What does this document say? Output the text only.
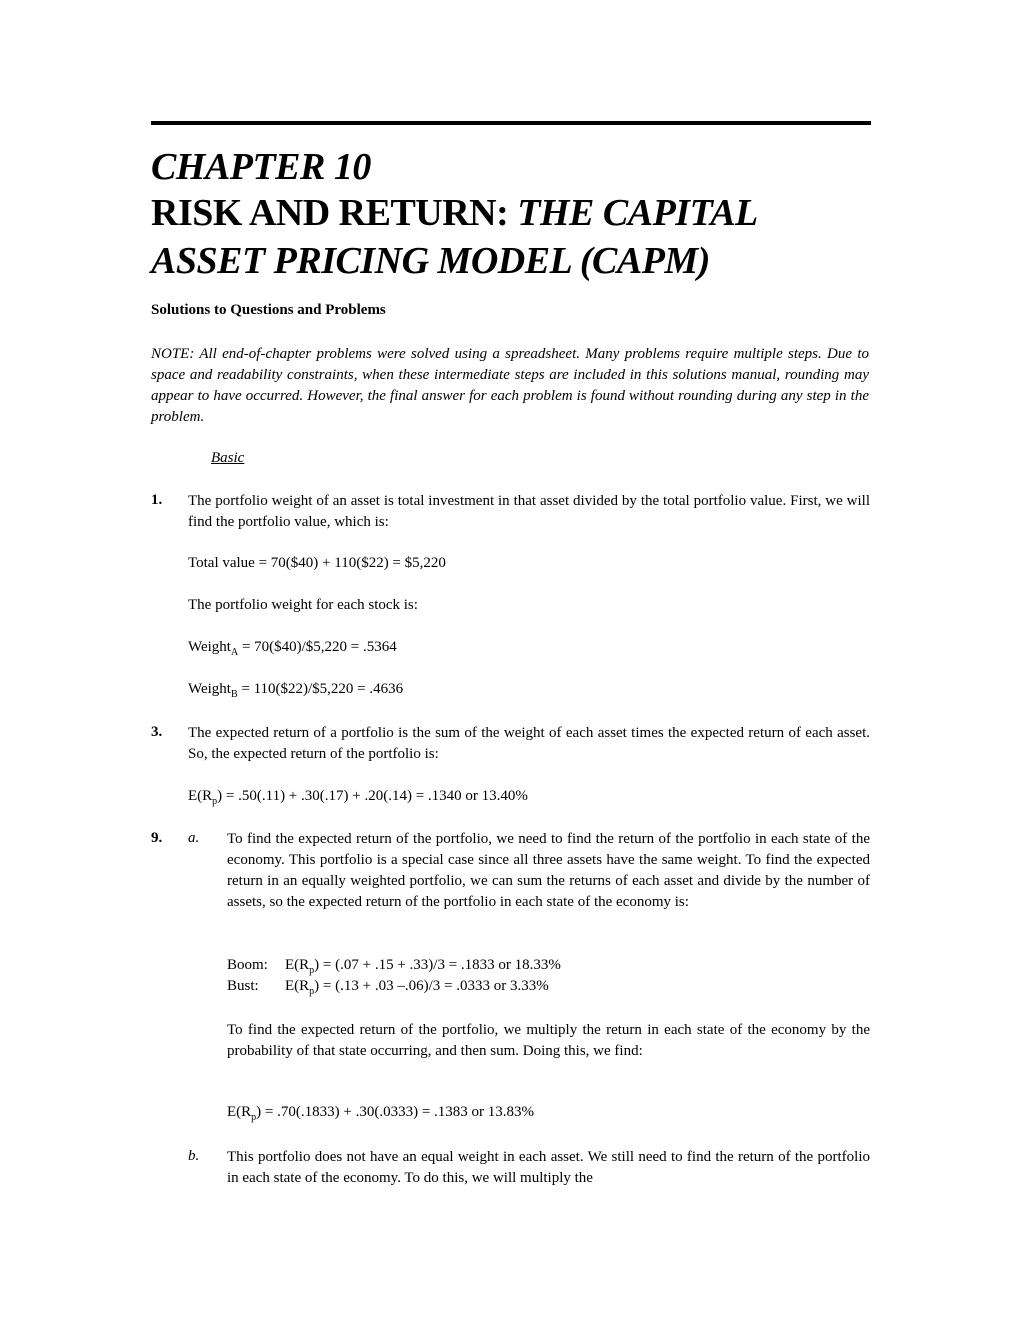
CHAPTER 10
RISK AND RETURN: THE CAPITAL
ASSET PRICING MODEL (CAPM)
Solutions to Questions and Problems
NOTE: All end-of-chapter problems were solved using a spreadsheet. Many problems require multiple steps. Due to space and readability constraints, when these intermediate steps are included in this solutions manual, rounding may appear to have occurred. However, the final answer for each problem is found without rounding during any step in the problem.
Basic
1. The portfolio weight of an asset is total investment in that asset divided by the total portfolio value. First, we will find the portfolio value, which is:
Total value = 70($40) + 110($22) = $5,220
The portfolio weight for each stock is:
Weight$_A$ = 70($40)/$5,220 = .5364
Weight$_B$ = 110($22)/$5,220 = .4636
3. The expected return of a portfolio is the sum of the weight of each asset times the expected return of each asset. So, the expected return of the portfolio is:
$E(R_p) = .50(.11) + .30(.17) + .20(.14) = .1340$ or 13.40%
9. a. To find the expected return of the portfolio, we need to find the return of the portfolio in each state of the economy. This portfolio is a special case since all three assets have the same weight. To find the expected return in an equally weighted portfolio, we can sum the returns of each asset and divide by the number of assets, so the expected return of the portfolio in each state of the economy is:
Boom: $E(R_p) = (.07 + .15 + .33)/3 = .1833$ or 18.33%
Bust: $E(R_p) = (.13 + .03$ –.06)/3 = .0333 or 3.33%
To find the expected return of the portfolio, we multiply the return in each state of the economy by the probability of that state occurring, and then sum. Doing this, we find:
$E(R_p) = .70(.1833) + .30(.0333) = .1383$ or 13.83%
b. This portfolio does not have an equal weight in each asset. We still need to find the return of the portfolio in each state of the economy. To do this, we will multiply the
